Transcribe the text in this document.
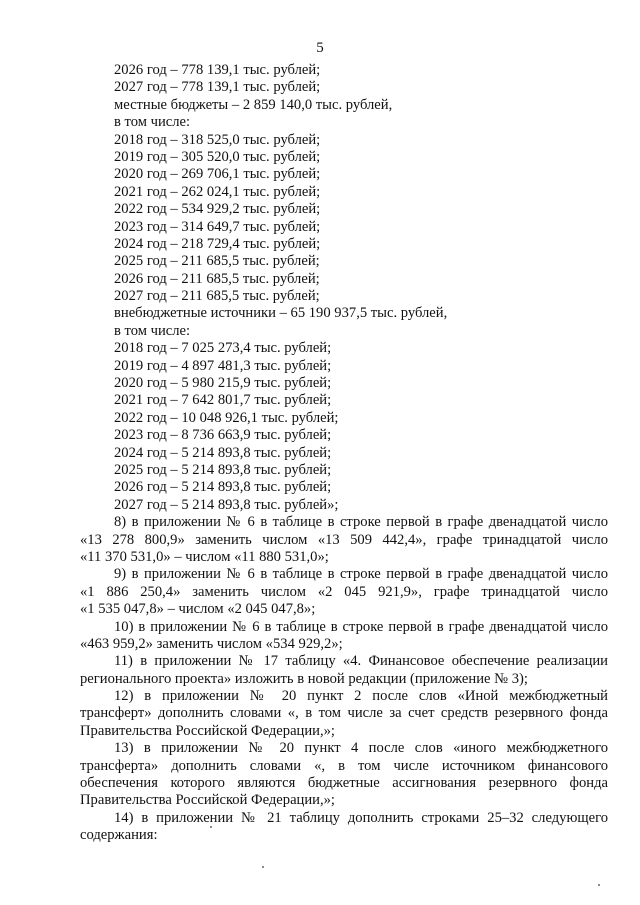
5
2026 год – 778 139,1 тыс. рублей;
2027 год – 778 139,1 тыс. рублей;
местные бюджеты – 2 859 140,0 тыс. рублей,
в том числе:
2018 год – 318 525,0 тыс. рублей;
2019 год – 305 520,0 тыс. рублей;
2020 год – 269 706,1 тыс. рублей;
2021 год – 262 024,1 тыс. рублей;
2022 год – 534 929,2 тыс. рублей;
2023 год – 314 649,7 тыс. рублей;
2024 год – 218 729,4 тыс. рублей;
2025 год – 211 685,5 тыс. рублей;
2026 год – 211 685,5 тыс. рублей;
2027 год – 211 685,5 тыс. рублей;
внебюджетные источники – 65 190 937,5 тыс. рублей,
в том числе:
2018 год – 7 025 273,4 тыс. рублей;
2019 год – 4 897 481,3 тыс. рублей;
2020 год – 5 980 215,9 тыс. рублей;
2021 год – 7 642 801,7 тыс. рублей;
2022 год – 10 048 926,1 тыс. рублей;
2023 год – 8 736 663,9 тыс. рублей;
2024 год – 5 214 893,8 тыс. рублей;
2025 год – 5 214 893,8 тыс. рублей;
2026 год – 5 214 893,8 тыс. рублей;
2027 год – 5 214 893,8 тыс. рублей»;
8) в приложении № 6 в таблице в строке первой в графе двенадцатой число
«13 278 800,9» заменить числом «13 509 442,4», графе тринадцатой число
«11 370 531,0» – числом «11 880 531,0»;
9) в приложении № 6 в таблице в строке первой в графе двенадцатой число
«1 886 250,4» заменить числом «2 045 921,9», графе тринадцатой число
«1 535 047,8» – числом «2 045 047,8»;
10) в приложении № 6 в таблице в строке первой в графе двенадцатой число
«463 959,2» заменить числом «534 929,2»;
11) в приложении № 17 таблицу «4. Финансовое обеспечение реализации
регионального проекта» изложить в новой редакции (приложение № 3);
12) в приложении № 20 пункт 2 после слов «Иной межбюджетный
трансферт» дополнить словами «, в том числе за счет средств резервного фонда
Правительства Российской Федерации,»;
13) в приложении № 20 пункт 4 после слов «иного межбюджетного
трансферта» дополнить словами «, в том числе источником финансового
обеспечения которого являются бюджетные ассигнования резервного фонда
Правительства Российской Федерации,»;
14) в приложении № 21 таблицу дополнить строками 25–32 следующего
содержания:
